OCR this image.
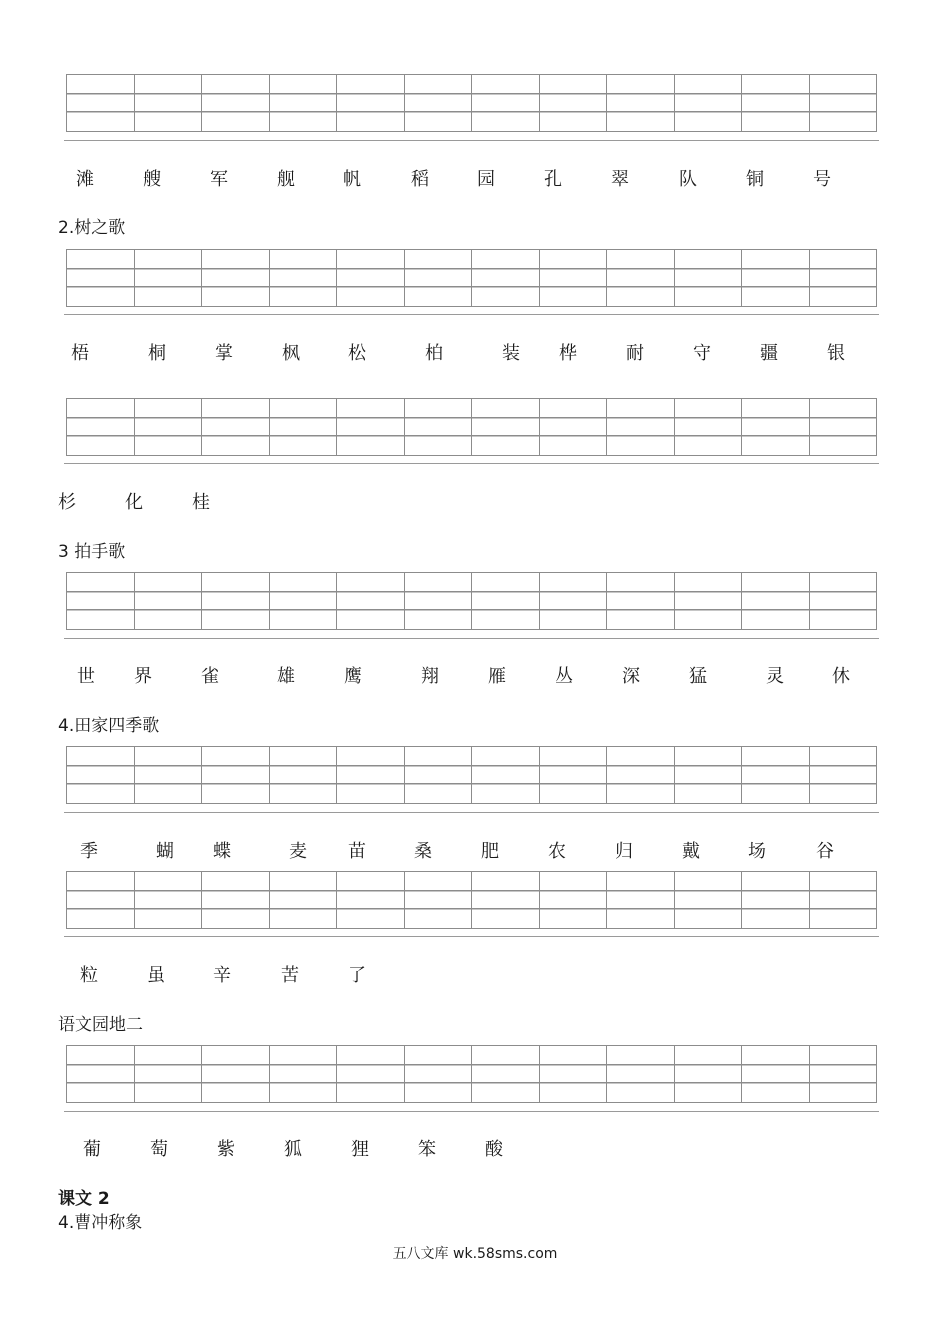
滩	艘	军	舰	帆	稻	园	孔	翠	队	铜	号
2.树之歌
梧	桐	掌	枫	松	柏	装	桦	耐	守	疆	银
杉	化	桂
3 拍手歌
世	界	雀	雄	鹰	翔	雁	丛	深	猛	灵	休
4.田家四季歌
季	蝴	蝶	麦	苗	桑	肥	农	归	戴	场	谷
粒	虽	辛	苦	了
语文园地二
葡	萄	紫	狐	狸	笨	酸
课文 2
4.曹冲称象
五八文库 wk.58sms.com
